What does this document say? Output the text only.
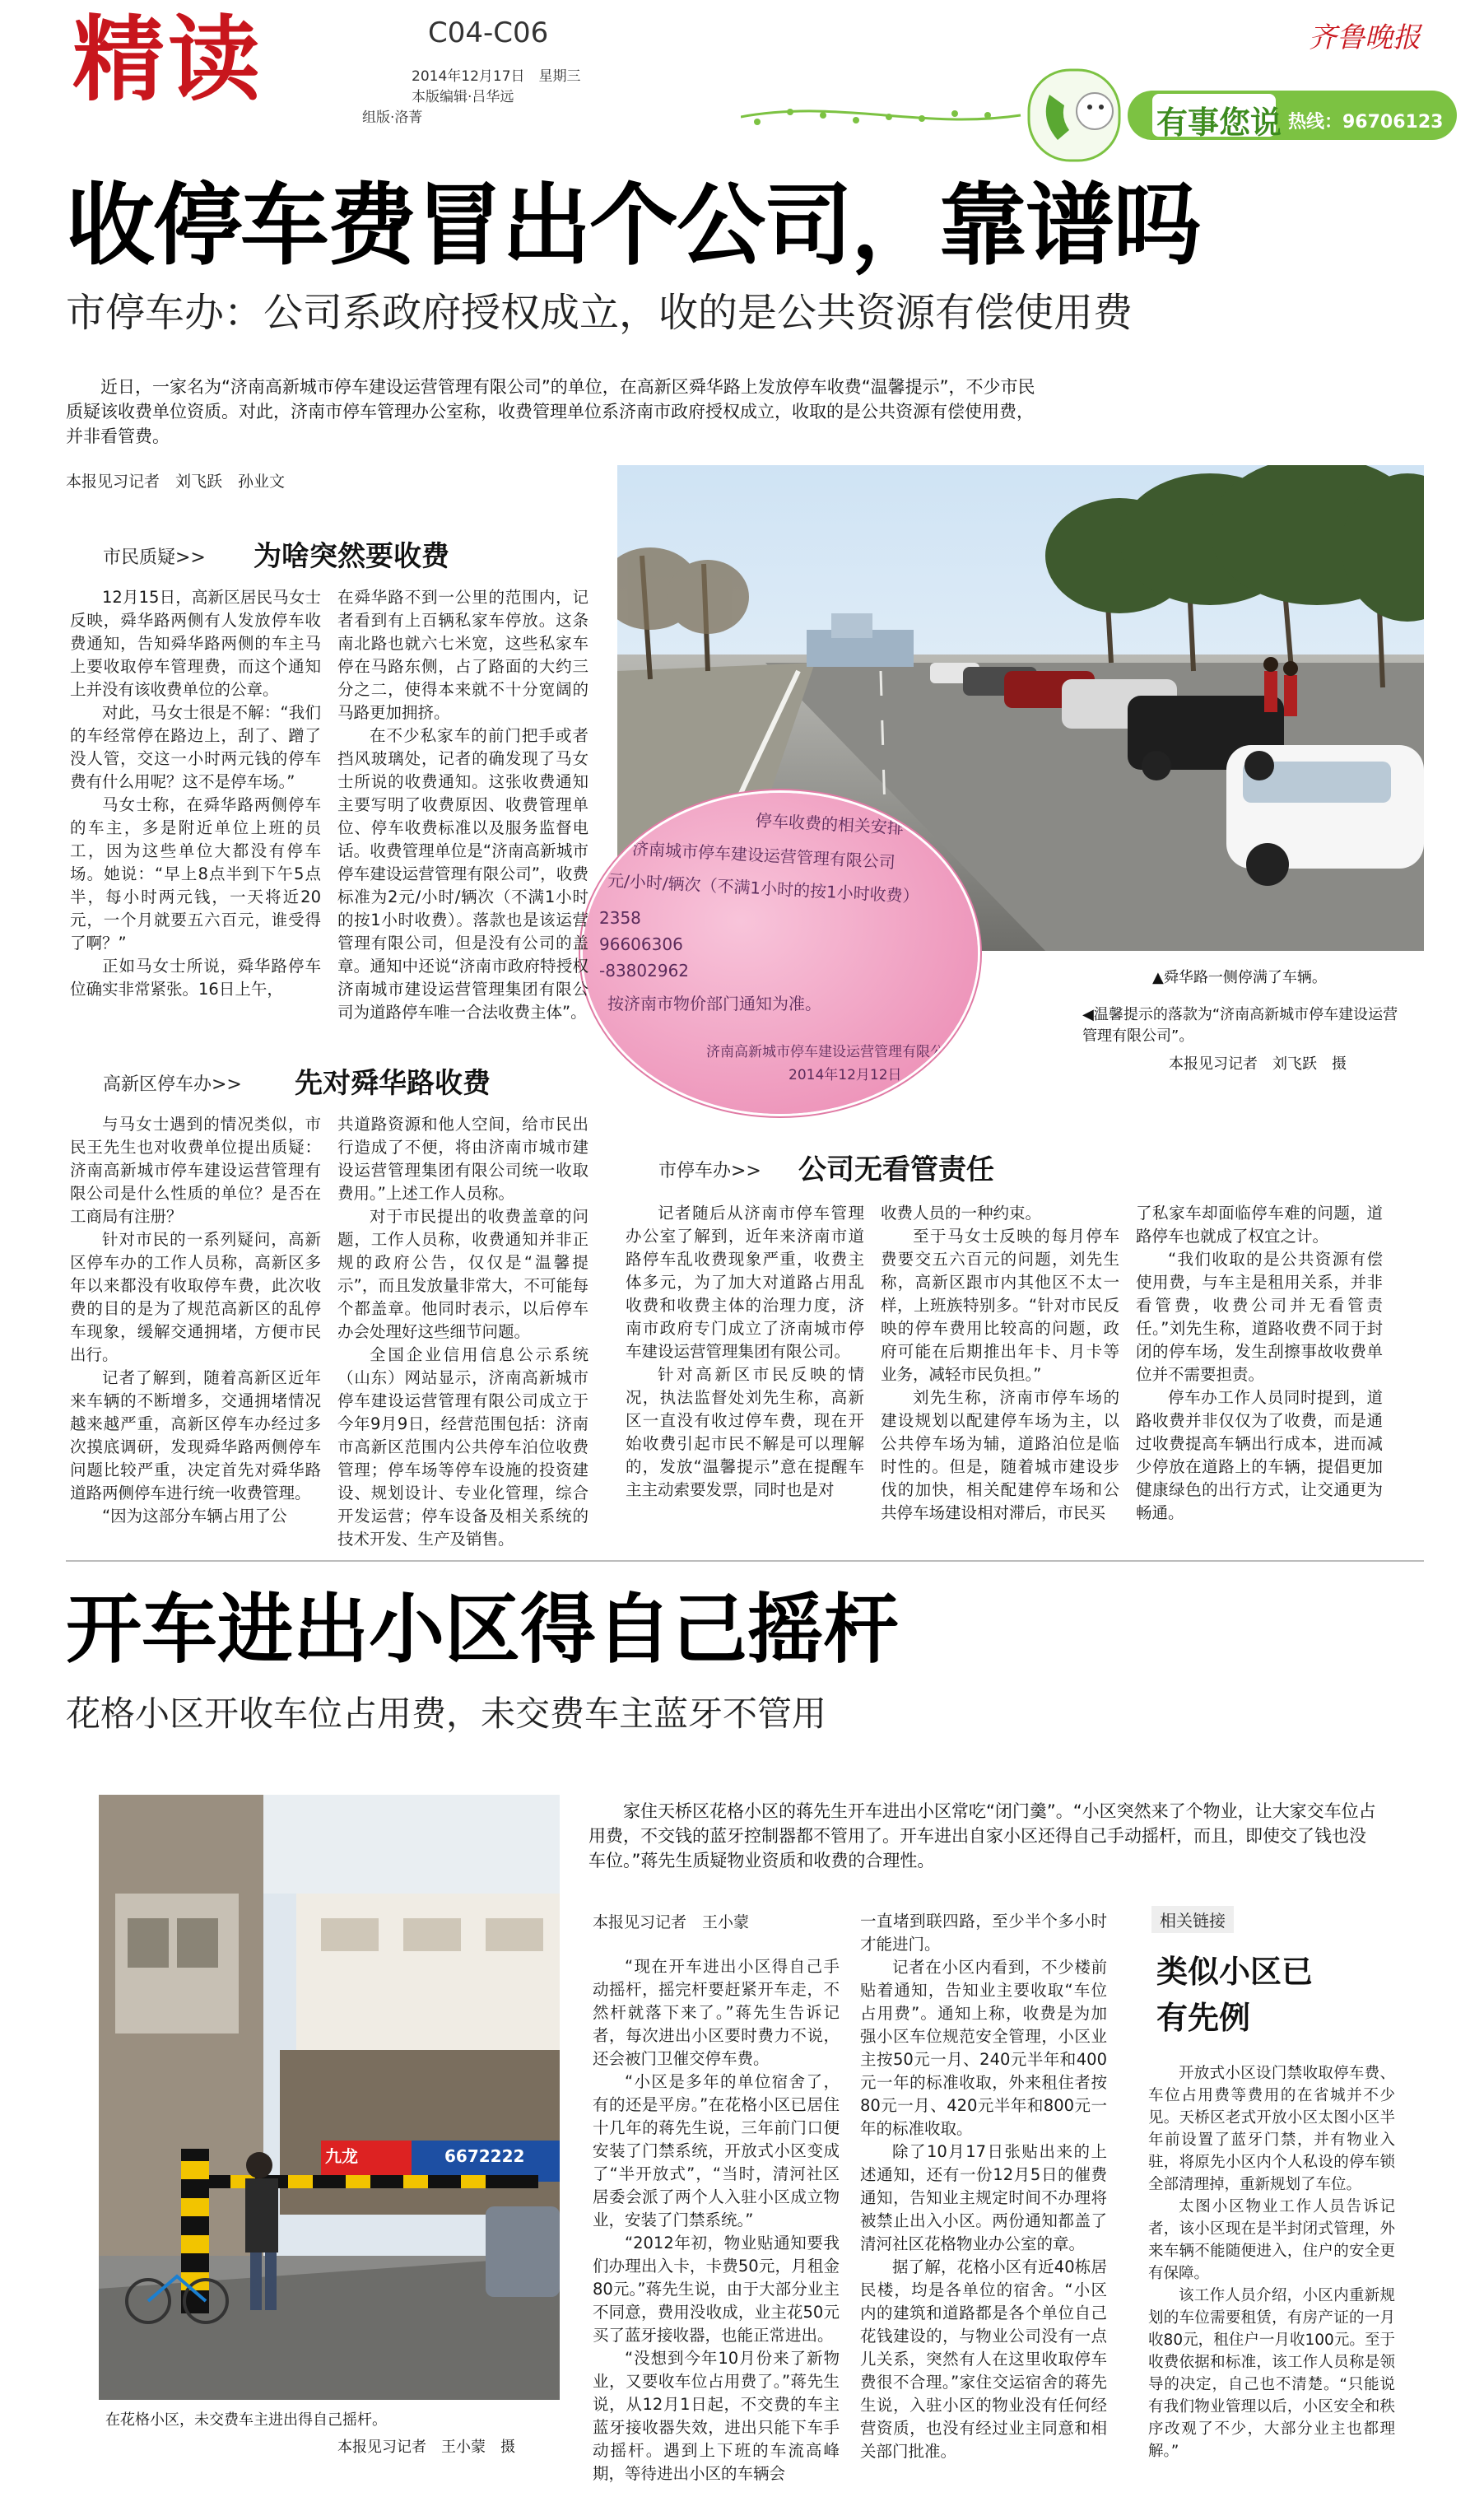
精读	C04-C06
2014年12月17日　星期三
本版编辑·吕华远
组版·洛菁
齐鲁晚报
有事您说 热线：96706123
收停车费冒出个公司，靠谱吗
市停车办：公司系政府授权成立，收的是公共资源有偿使用费

近日，一家名为“济南高新城市停车建设运营管理有限公司”的单位，在高新区舜华路上发放停车收费“温馨提示”，不少市民质疑该收费单位资质。对此，济南市停车管理办公室称，收费管理单位系济南市政府授权成立，收取的是公共资源有偿使用费，并非看管费。

本报见习记者　刘飞跃　孙业文
停车收费的相关安排
济南城市停车建设运营管理有限公司
元/小时/辆次（不满1小时的按1小时收费）
2358
96606306
-83802962
按济南市物价部门通知为准。
济南高新城市停车建设运营管理有限公司
2014年12月12日
▲舜华路一侧停满了车辆。
◀温馨提示的落款为“济南高新城市停车建设运营管理有限公司”。
本报见习记者　刘飞跃　摄
市民质疑>> 为啥突然要收费

12月15日，高新区居民马女士反映，舜华路两侧有人发放停车收费通知，告知舜华路两侧的车主马上要收取停车管理费，而这个通知上并没有该收费单位的公章。

对此，马女士很是不解：“我们的车经常停在路边上，刮了、蹭了没人管，交这一小时两元钱的停车费有什么用呢？这不是停车场。”

马女士称，在舜华路两侧停车的车主，多是附近单位上班的员工，因为这些单位大都没有停车场。她说：“早上8点半到下午5点半，每小时两元钱，一天将近20元，一个月就要五六百元，谁受得了啊？”

正如马女士所说，舜华路停车位确实非常紧张。16日上午，

在舜华路不到一公里的范围内，记者看到有上百辆私家车停放。这条南北路也就六七米宽，这些私家车停在马路东侧，占了路面的大约三分之二，使得本来就不十分宽阔的马路更加拥挤。

在不少私家车的前门把手或者挡风玻璃处，记者的确发现了马女士所说的收费通知。这张收费通知主要写明了收费原因、收费管理单位、停车收费标准以及服务监督电话。收费管理单位是“济南高新城市停车建设运营管理有限公司”，收费标准为2元/小时/辆次（不满1小时的按1小时收费）。落款也是该运营管理有限公司，但是没有公司的盖章。通知中还说“济南市政府特授权济南城市建设运营管理集团有限公司为道路停车唯一合法收费主体”。

高新区停车办>> 先对舜华路收费

与马女士遇到的情况类似，市民王先生也对收费单位提出质疑：济南高新城市停车建设运营管理有限公司是什么性质的单位？是否在工商局有注册？

针对市民的一系列疑问，高新区停车办的工作人员称，高新区多年以来都没有收取停车费，此次收费的目的是为了规范高新区的乱停车现象，缓解交通拥堵，方便市民出行。

记者了解到，随着高新区近年来车辆的不断增多，交通拥堵情况越来越严重，高新区停车办经过多次摸底调研，发现舜华路两侧停车问题比较严重，决定首先对舜华路道路两侧停车进行统一收费管理。

“因为这部分车辆占用了公

共道路资源和他人空间，给市民出行造成了不便，将由济南市城市建设运营管理集团有限公司统一收取费用。”上述工作人员称。

对于市民提出的收费盖章的问题，工作人员称，收费通知并非正规的政府公告，仅仅是“温馨提示”，而且发放量非常大，不可能每个都盖章。他同时表示，以后停车办会处理好这些细节问题。

全国企业信用信息公示系统（山东）网站显示，济南高新城市停车建设运营管理有限公司成立于今年9月9日，经营范围包括：济南市高新区范围内公共停车泊位收费管理；停车场等停车设施的投资建设、规划设计、专业化管理，综合开发运营；停车设备及相关系统的技术开发、生产及销售。

市停车办>> 公司无看管责任

记者随后从济南市停车管理办公室了解到，近年来济南市道路停车乱收费现象严重，收费主体多元，为了加大对道路占用乱收费和收费主体的治理力度，济南市政府专门成立了济南城市停车建设运营管理集团有限公司。

针对高新区市民反映的情况，执法监督处刘先生称，高新区一直没有收过停车费，现在开始收费引起市民不解是可以理解的，发放“温馨提示”意在提醒车主主动索要发票，同时也是对

收费人员的一种约束。

至于马女士反映的每月停车费要交五六百元的问题，刘先生称，高新区跟市内其他区不太一样，上班族特别多。“针对市民反映的停车费用比较高的问题，政府可能在后期推出年卡、月卡等业务，减轻市民负担。”

刘先生称，济南市停车场的建设规划以配建停车场为主，以公共停车场为辅，道路泊位是临时性的。但是，随着城市建设步伐的加快，相关配建停车场和公共停车场建设相对滞后，市民买

了私家车却面临停车难的问题，道路停车也就成了权宜之计。

“我们收取的是公共资源有偿使用费，与车主是租用关系，并非看管费，收费公司并无看管责任。”刘先生称，道路收费不同于封闭的停车场，发生刮擦事故收费单位并不需要担责。

停车办工作人员同时提到，道路收费并非仅仅为了收费，而是通过收费提高车辆出行成本，进而减少停放在道路上的车辆，提倡更加健康绿色的出行方式，让交通更为畅通。

开车进出小区得自己摇杆
花格小区开收车位占用费，未交费车主蓝牙不管用
九龙	6672222
在花格小区，未交费车主进出得自己摇杆。
本报见习记者　王小蒙　摄

家住天桥区花格小区的蒋先生开车进出小区常吃“闭门羹”。“小区突然来了个物业，让大家交车位占用费，不交钱的蓝牙控制器都不管用了。开车进出自家小区还得自己手动摇杆，而且，即使交了钱也没车位。”蒋先生质疑物业资质和收费的合理性。

本报见习记者　王小蒙

“现在开车进出小区得自己手动摇杆，摇完杆要赶紧开车走，不然杆就落下来了。”蒋先生告诉记者，每次进出小区要时费力不说，还会被门卫催交停车费。

“小区是多年的单位宿舍了，有的还是平房。”在花格小区已居住十几年的蒋先生说，三年前门口便安装了门禁系统，开放式小区变成了“半开放式”，“当时，清河社区居委会派了两个人入驻小区成立物业，安装了门禁系统。”

“2012年初，物业贴通知要我们办理出入卡，卡费50元，月租金80元。”蒋先生说，由于大部分业主不同意，费用没收成，业主花50元买了蓝牙接收器，也能正常进出。

“没想到今年10月份来了新物业，又要收车位占用费了。”蒋先生说，从12月1日起，不交费的车主蓝牙接收器失效，进出只能下车手动摇杆。遇到上下班的车流高峰期，等待进出小区的车辆会

一直堵到联四路，至少半个多小时才能进门。

记者在小区内看到，不少楼前贴着通知，告知业主要收取“车位占用费”。通知上称，收费是为加强小区车位规范安全管理，小区业主按50元一月、240元半年和400元一年的标准收取，外来租住者按80元一月、420元半年和800元一年的标准收取。

除了10月17日张贴出来的上述通知，还有一份12月5日的催费通知，告知业主规定时间不办理将被禁止出入小区。两份通知都盖了清河社区花格物业办公室的章。

据了解，花格小区有近40栋居民楼，均是各单位的宿舍。“小区内的建筑和道路都是各个单位自己花钱建设的，与物业公司没有一点儿关系，突然有人在这里收取停车费很不合理。”家住交运宿舍的蒋先生说，入驻小区的物业没有任何经营资质，也没有经过业主同意和相关部门批准。

相关链接
类似小区已有先例

开放式小区设门禁收取停车费、车位占用费等费用的在省城并不少见。天桥区老式开放小区太图小区半年前设置了蓝牙门禁，并有物业入驻，将原先小区内个人私设的停车锁全部清理掉，重新规划了车位。

太图小区物业工作人员告诉记者，该小区现在是半封闭式管理，外来车辆不能随便进入，住户的安全更有保障。

该工作人员介绍，小区内重新规划的车位需要租赁，有房产证的一月收80元，租住户一月收100元。至于收费依据和标准，该工作人员称是领导的决定，自己也不清楚。“只能说有我们物业管理以后，小区安全和秩序改观了不少，大部分业主也都理解。”
